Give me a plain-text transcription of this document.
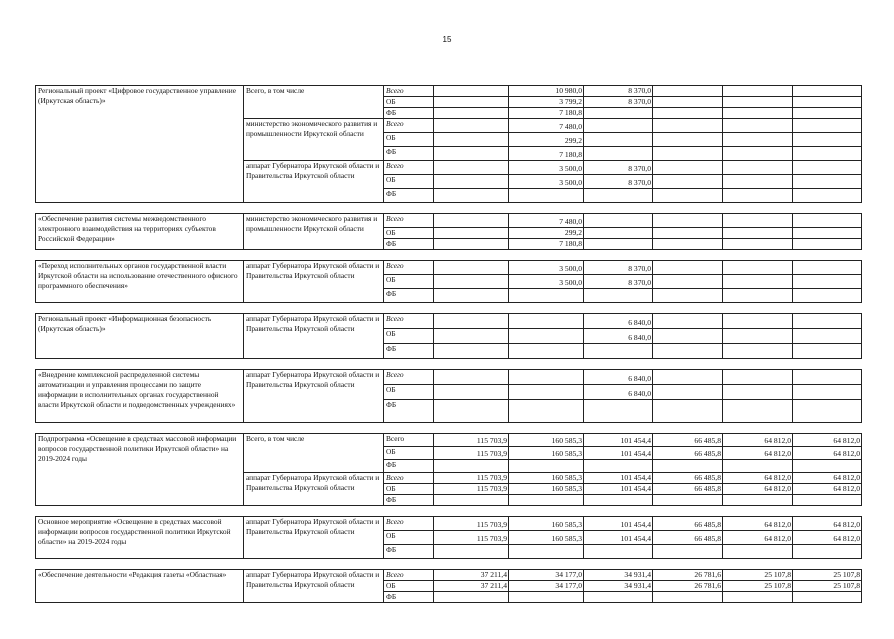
15
Региональный проект «Цифровое государственное управление (Иркутская область)»	Всего, в том числе	Всего		10 980,0	8 370,0			
		ОБ		3 799,2	8 370,0			
		ФБ		7 180,8				
	министерство экономического развития и промышленности Иркутской области	Всего		7 480,0				
		ОБ		299,2				
		ФБ		7 180,8				
	аппарат Губернатора Иркутской области и Правительства Иркутской области	Всего		3 500,0	8 370,0			
		ОБ		3 500,0	8 370,0			
		ФБ						

«Обеспечение развития системы межведомственного электронного взаимодействия на территориях субъектов Российской Федерации»	министерство экономического развития и промышленности Иркутской области	Всего		7 480,0				
		ОБ		299,2				
		ФБ		7 180,8				

«Переход исполнительных органов государственной власти Иркутской области на использование отечественного офисного программного обеспечения»	аппарат Губернатора Иркутской области и Правительства Иркутской области	Всего		3 500,0	8 370,0			
		ОБ		3 500,0	8 370,0			
		ФБ						

Региональный проект «Информационная безопасность (Иркутская область)»	аппарат Губернатора Иркутской области и Правительства Иркутской области	Всего			6 840,0			
		ОБ			6 840,0			
		ФБ						

«Внедрение комплексной распределенной системы автоматизации и управления процессами по защите информации в исполнительных органах государственной власти Иркутской области и подведомственных учреждениях»	аппарат Губернатора Иркутской области и Правительства Иркутской области	Всего			6 840,0			
		ОБ			6 840,0			
		ФБ						

Подпрограмма «Освещение в средствах массовой информации вопросов государственной политики Иркутской области» на 2019-2024 годы	Всего, в том числе	Всего	115 703,9	160 585,3	101 454,4	66 485,8	64 812,0	64 812,0
		ОБ	115 703,9	160 585,3	101 454,4	66 485,8	64 812,0	64 812,0
		ФБ						
	аппарат Губернатора Иркутской области и Правительства Иркутской области	Всего	115 703,9	160 585,3	101 454,4	66 485,8	64 812,0	64 812,0
		ОБ	115 703,9	160 585,3	101 454,4	66 485,8	64 812,0	64 812,0
		ФБ						

Основное мероприятие «Освещение в средствах массовой информации вопросов государственной политики Иркутской области» на 2019-2024 годы	аппарат Губернатора Иркутской области и Правительства Иркутской области	Всего	115 703,9	160 585,3	101 454,4	66 485,8	64 812,0	64 812,0
		ОБ	115 703,9	160 585,3	101 454,4	66 485,8	64 812,0	64 812,0
		ФБ						

«Обеспечение деятельности «Редакция газеты «Областная»	аппарат Губернатора Иркутской области и Правительства Иркутской области	Всего	37 211,4	34 177,0	34 931,4	26 781,6	25 107,8	25 107,8
		ОБ	37 211,4	34 177,0	34 931,4	26 781,6	25 107,8	25 107,8
		ФБ						
